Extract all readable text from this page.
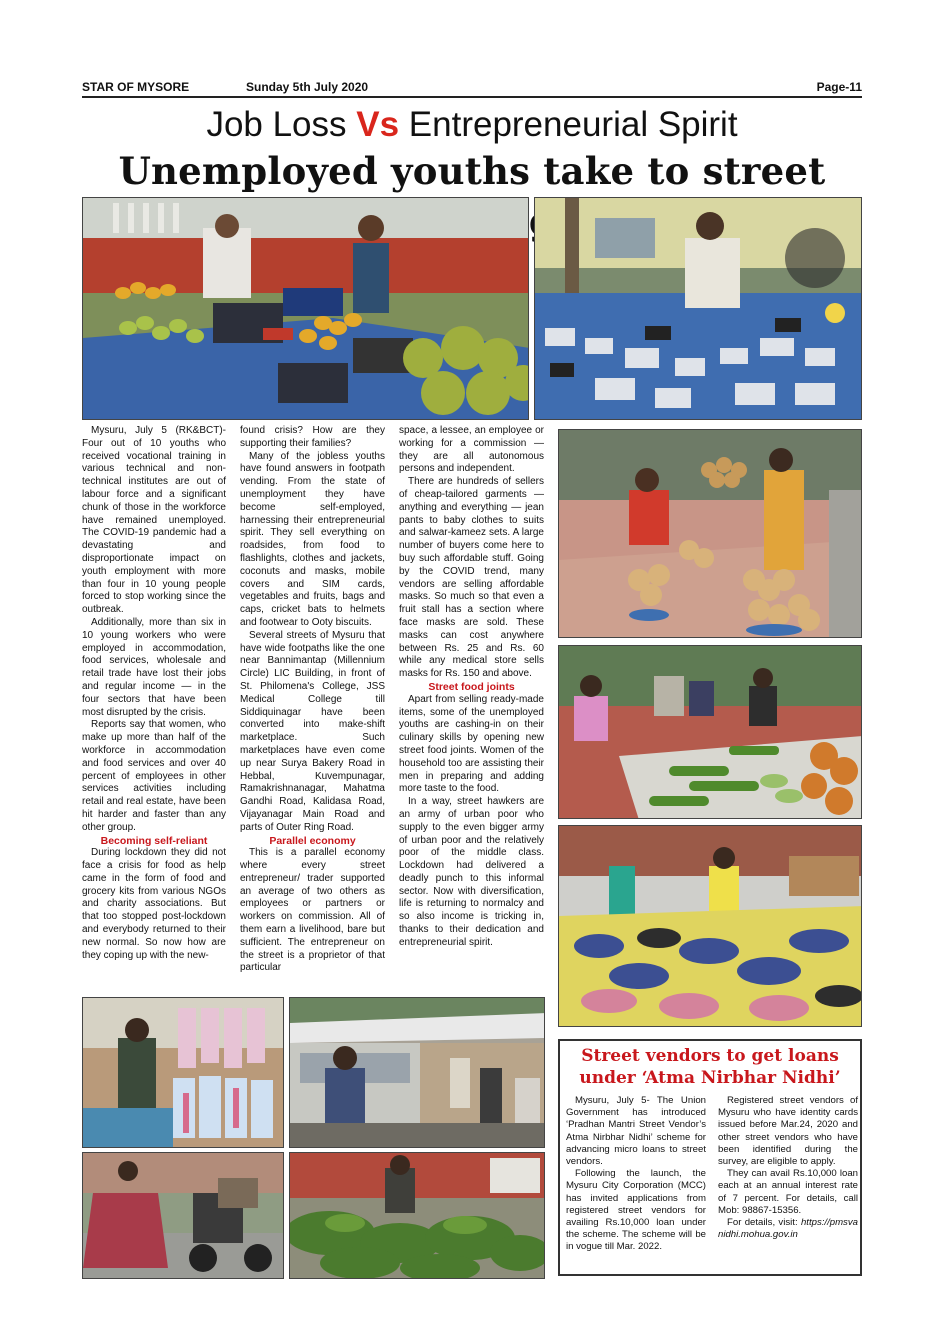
STAR OF MYSORE	Sunday 5th July 2020	Page-11
Job Loss Vs Entrepreneurial Spirit
Unemployed youths take to street

Mysuru, July 5 (RK&BCT)- Four out of 10 youths who received vocational training in various technical and non-technical institutes are out of labour force and a significant chunk of those in the workforce have remained unemployed. The COVID-19 pandemic had a devastating and disproportionate impact on youth employment with more than four in 10 young people forced to stop working since the outbreak.

Additionally, more than six in 10 young workers who were employed in accommodation, food services, wholesale and retail trade have lost their jobs and regular income — in the four sectors that have been most disrupted by the crisis.

Reports say that women, who make up more than half of the workforce in accommodation and food services and over 40 percent of employees in other services activities including retail and real estate, have been hit harder and faster than any other group.

Becoming self-reliant

During lockdown they did not face a crisis for food as help came in the form of food and grocery kits from various NGOs and charity associations. But that too stopped post-lockdown and everybody returned to their new normal. So now how are they coping up with the new-

found crisis? How are they supporting their families?

Many of the jobless youths have found answers in footpath vending. From the state of unemployment they have become self-employed, harnessing their entrepreneurial spirit. They sell everything on roadsides, from food to flashlights, clothes and jackets, coconuts and masks, mobile covers and SIM cards, vegetables and fruits, bags and caps, cricket bats to helmets and footwear to Ooty biscuits.

Several streets of Mysuru that have wide footpaths like the one near Bannimantap (Millennium Circle) LIC Building, in front of St. Philomena's College, JSS Medical College till Siddiquinagar have been converted into make-shift marketplace. Such marketplaces have even come up near Surya Bakery Road in Hebbal, Kuvempunagar, Ramakrishnanagar, Mahatma Gandhi Road, Kalidasa Road, Vijayanagar Main Road and parts of Outer Ring Road.

Parallel economy

This is a parallel economy where every street entrepreneur/ trader supported an average of two others as employees or partners or workers on commission. All of them earn a livelihood, bare but sufficient. The entrepreneur on the street is a proprietor of that particular

space, a lessee, an employee or working for a commission — they are all autonomous persons and independent.

There are hundreds of sellers of cheap-tailored garments — anything and everything — jean pants to baby clothes to suits and salwar-kameez sets. A large number of buyers come here to buy such affordable stuff. Going by the COVID trend, many vendors are selling affordable masks. So much so that even a fruit stall has a section where face masks are sold. These masks can cost anywhere between Rs. 25 and Rs. 60 while any medical store sells masks for Rs. 150 and above.

Street food joints

Apart from selling ready-made items, some of the unemployed youths are cashing-in on their culinary skills by opening new street food joints. Women of the household too are assisting their men in preparing and adding more taste to the food.

In a way, street hawkers are an army of urban poor who supply to the even bigger army of urban poor and the relatively poor of the middle class. Lockdown had delivered a deadly punch to this informal sector. Now with diversification, life is returning to normalcy and so also income is tricking in, thanks to their dedication and entrepreneurial spirit.

Street vendors to get loans
under ‘Atma Nirbhar Nidhi’

Mysuru, July 5- The Union Government has introduced ‘Pradhan Mantri Street Vendor’s Atma Nirbhar Nidhi’ scheme for advancing micro loans to street vendors.

Following the launch, the Mysuru City Corporation (MCC) has invited applications from registered street vendors for availing Rs.10,000 loan under the scheme. The scheme will be in vogue till Mar. 2022.

Registered street vendors of Mysuru who have identity cards issued before Mar.24, 2020 and other street vendors who have been identified during the survey, are eligible to apply.

They can avail Rs.10,000 loan each at an annual interest rate of 7 percent. For details, call Mob: 98867-15356.

For details, visit: https://pmsvanidhi.mohua.gov.in
